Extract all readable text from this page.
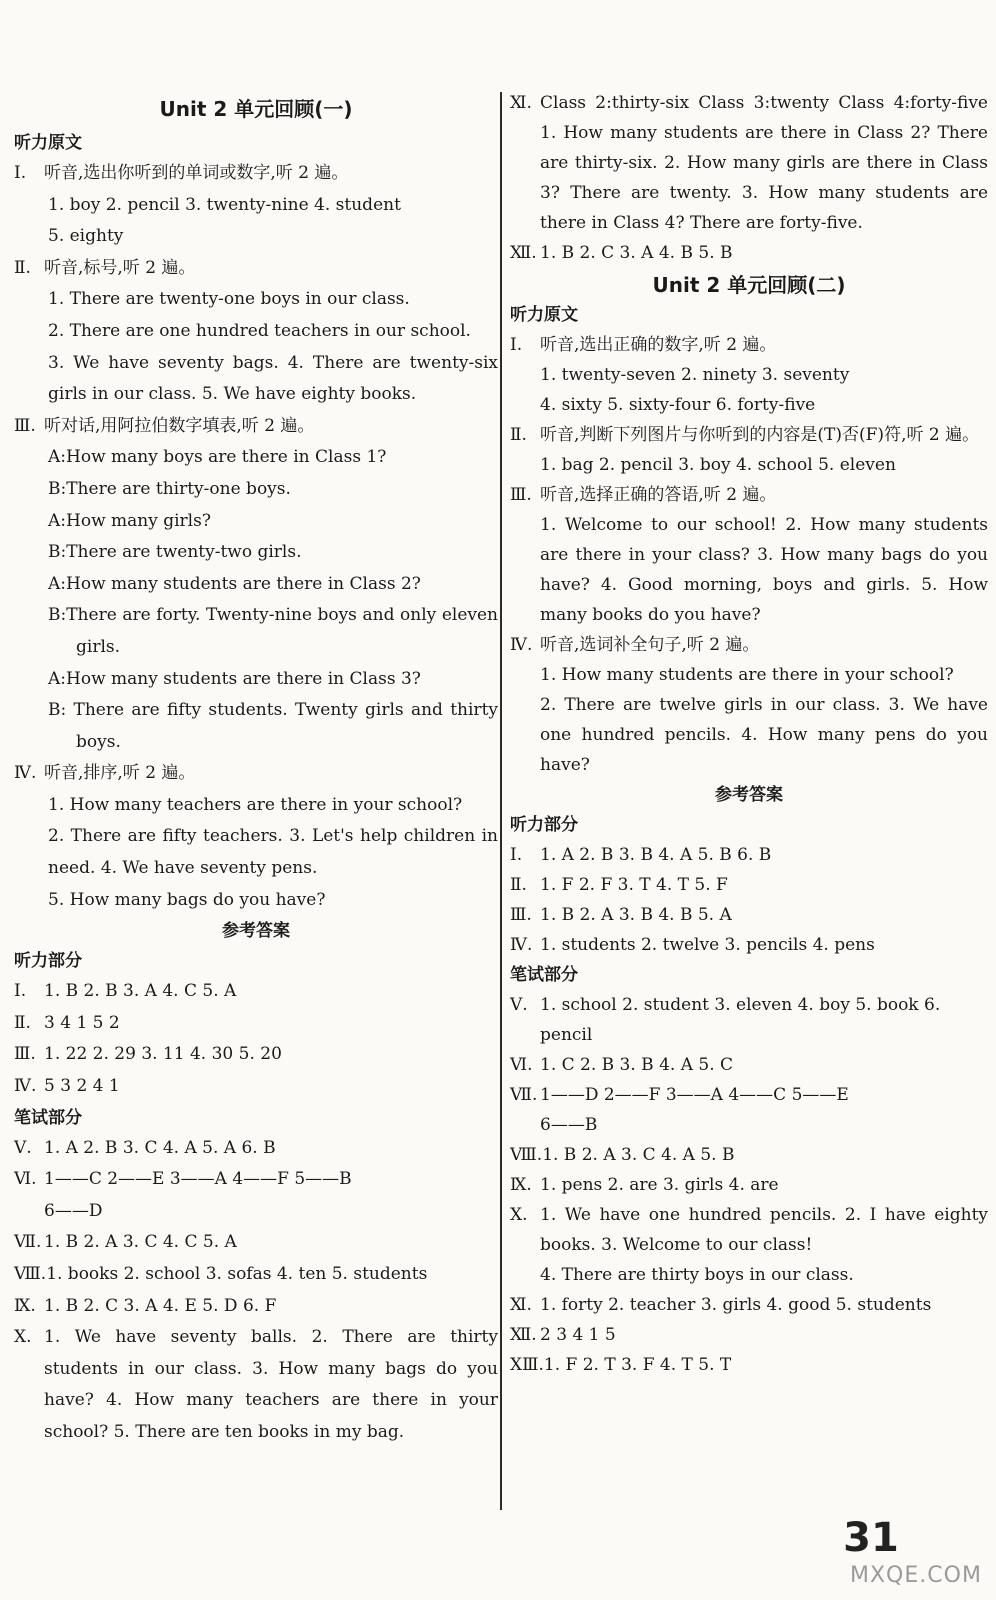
Unit 2 单元回顾(一)
听力原文
Ⅰ.	听音,选出你听到的单词或数字,听 2 遍。
1. boy 2. pencil 3. twenty-nine 4. student
5. eighty
Ⅱ. 听音,标号,听 2 遍。
1. There are twenty-one boys in our class.
2. There are one hundred teachers in our school.
3. We have seventy bags. 4. There are twenty-six girls in our class. 5. We have eighty books.
Ⅲ. 听对话,用阿拉伯数字填表,听 2 遍。
A:How many boys are there in Class 1?
B:There are thirty-one boys.
A:How many girls?
B:There are twenty-two girls.
A:How many students are there in Class 2?
B:There are forty. Twenty-nine boys and only eleven girls.
A:How many students are there in Class 3?
B: There are fifty students. Twenty girls and thirty boys.
Ⅳ. 听音,排序,听 2 遍。
1. How many teachers are there in your school?
2. There are fifty teachers. 3. Let's help children in need. 4. We have seventy pens.
5. How many bags do you have?
参考答案
听力部分
Ⅰ.	1. B 2. B 3. A 4. C 5. A
Ⅱ. 3 4 1 5 2
Ⅲ. 1. 22 2. 29 3. 11 4. 30 5. 20
Ⅳ. 5 3 2 4 1
笔试部分
Ⅴ. 1. A 2. B 3. C 4. A 5. A 6. B
Ⅵ. 1——C 2——E 3——A 4——F 5——B
6——D
Ⅶ. 1. B 2. A 3. C 4. C 5. A
Ⅷ. 1. books 2. school 3. sofas 4. ten 5. students
Ⅸ. 1. B 2. C 3. A 4. E 5. D 6. F
Ⅹ. 1. We have seventy balls. 2. There are thirty students in our class. 3. How many bags do you have? 4. How many teachers are there in your school? 5. There are ten books in my bag.
Ⅺ. Class 2:thirty-six Class 3:twenty Class 4:forty-five 1. How many students are there in Class 2? There are thirty-six. 2. How many girls are there in Class 3? There are twenty. 3. How many students are there in Class 4? There are forty-five.
Ⅻ. 1. B 2. C 3. A 4. B 5. B
Unit 2 单元回顾(二)
听力原文
Ⅰ.	听音,选出正确的数字,听 2 遍。
1. twenty-seven 2. ninety 3. seventy
4. sixty 5. sixty-four 6. forty-five
Ⅱ. 听音,判断下列图片与你听到的内容是(T)否(F)符,听 2 遍。
1. bag 2. pencil 3. boy 4. school 5. eleven
Ⅲ. 听音,选择正确的答语,听 2 遍。
1. Welcome to our school! 2. How many students are there in your class? 3. How many bags do you have? 4. Good morning, boys and girls. 5. How many books do you have?
Ⅳ. 听音,选词补全句子,听 2 遍。
1. How many students are there in your school?
2. There are twelve girls in our class. 3. We have one hundred pencils. 4. How many pens do you have?
参考答案
听力部分
Ⅰ.	1. A 2. B 3. B 4. A 5. B 6. B
Ⅱ. 1. F 2. F 3. T 4. T 5. F
Ⅲ. 1. B 2. A 3. B 4. B 5. A
Ⅳ. 1. students 2. twelve 3. pencils 4. pens
笔试部分
Ⅴ. 1. school 2. student 3. eleven 4. boy 5. book 6. pencil
Ⅵ. 1. C 2. B 3. B 4. A 5. C
Ⅶ. 1——D 2——F 3——A 4——C 5——E
6——B
Ⅷ. 1. B 2. A 3. C 4. A 5. B
Ⅸ. 1. pens 2. are 3. girls 4. are
Ⅹ. 1. We have one hundred pencils. 2. I have eighty books. 3. Welcome to our class!
4. There are thirty boys in our class.
Ⅺ. 1. forty 2. teacher 3. girls 4. good 5. students
Ⅻ. 2 3 4 1 5
ⅩⅢ. 1. F 2. T 3. F 4. T 5. T
31
MXQE.COM
